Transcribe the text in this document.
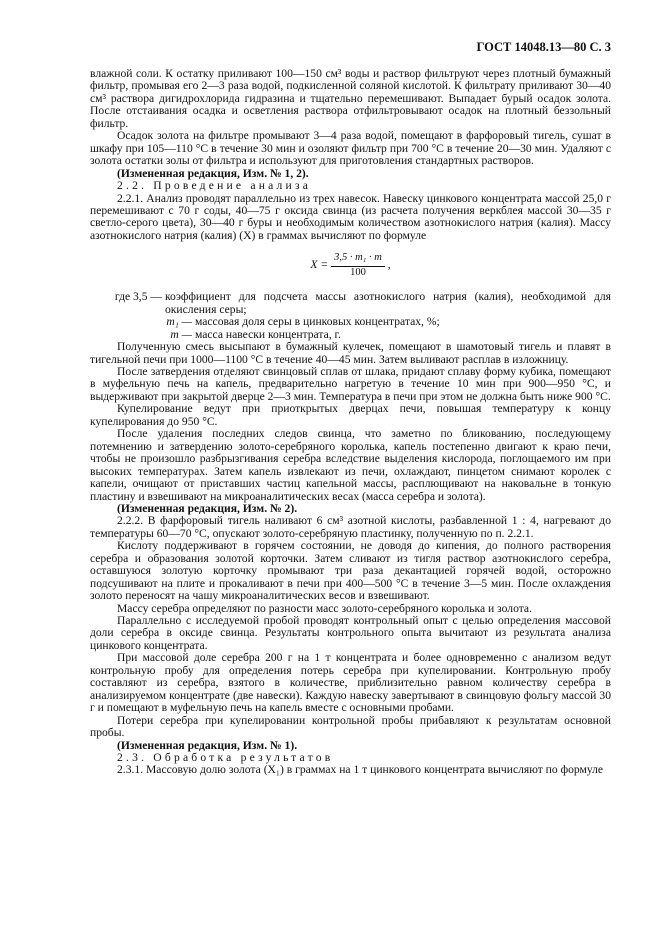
ГОСТ 14048.13—80 С. 3

влажной соли. К остатку приливают 100—150 см³ воды и раствор фильтруют через плотный бумажный фильтр, промывая его 2—3 раза водой, подкисленной соляной кислотой. К фильтрату приливают 30—40 см³ раствора дигидрохлорида гидразина и тщательно перемешивают. Выпадает бурый осадок золота. После отстаивания осадка и осветления раствора отфильтровывают осадок на плотный беззольный фильтр.

Осадок золота на фильтре промывают 3—4 раза водой, помещают в фарфоровый тигель, сушат в шкафу при 105—110 °С в течение 30 мин и озоляют фильтр при 700 °С в течение 20—30 мин. Удаляют с золота остатки золы от фильтра и используют для приготовления стандартных растворов.

(Измененная редакция, Изм. № 1, 2).

2.2. Проведение анализа

2.2.1. Анализ проводят параллельно из трех навесок. Навеску цинкового концентрата массой 25,0 г перемешивают с 70 г соды, 40—75 г оксида свинца (из расчета получения веркблея массой 30—35 г светло-серого цвета), 30—40 г буры и необходимым количеством азотнокислого натрия (калия). Массу азотнокислого натрия (калия) (X) в граммах вычисляют по формуле

$X = \frac{\text{3,5 · m₁ · m}}{100}$ ,
где 3,5 — коэффициент для подсчета массы азотнокислого натрия (калия), необходимой для окисления серы;
m₁ — массовая доля серы в цинковых концентратах, %;
m — масса навески концентрата, г.

Полученную смесь высыпают в бумажный кулечек, помещают в шамотовый тигель и плавят в тигельной печи при 1000—1100 °С в течение 40—45 мин. Затем выливают расплав в изложницу.

После затвердения отделяют свинцовый сплав от шлака, придают сплаву форму кубика, помещают в муфельную печь на капель, предварительно нагретую в течение 10 мин при 900—950 °С, и выдерживают при закрытой дверце 2—3 мин. Температура в печи при этом не должна быть ниже 900 °С.

Купелирование ведут при приоткрытых дверцах печи, повышая температуру к концу купелирования до 950 °С.

После удаления последних следов свинца, что заметно по бликованию, последующему потемнению и затвердению золото-серебряного королька, капель постепенно двигают к краю печи, чтобы не произошло разбрызгивания серебра вследствие выделения кислорода, поглощаемого им при высоких температурах. Затем капель извлекают из печи, охлаждают, пинцетом снимают королек с капели, очищают от приставших частиц капельной массы, расплющивают на наковальне в тонкую пластину и взвешивают на микроаналитических весах (масса серебра и золота).

(Измененная редакция, Изм. № 2).

2.2.2. В фарфоровый тигель наливают 6 см³ азотной кислоты, разбавленной 1 : 4, нагревают до температуры 60—70 °С, опускают золото-серебряную пластинку, полученную по п. 2.2.1.

Кислоту поддерживают в горячем состоянии, не доводя до кипения, до полного растворения серебра и образования золотой корточки. Затем сливают из тигля раствор азотнокислого серебра, оставшуюся золотую корточку промывают три раза декантацией горячей водой, осторожно подсушивают на плите и прокаливают в печи при 400—500 °С в течение 3—5 мин. После охлаждения золото переносят на чашу микроаналитических весов и взвешивают.

Массу серебра определяют по разности масс золото-серебряного королька и золота.

Параллельно с исследуемой пробой проводят контрольный опыт с целью определения массовой доли серебра в оксиде свинца. Результаты контрольного опыта вычитают из результата анализа цинкового концентрата.

При массовой доле серебра 200 г на 1 т концентрата и более одновременно с анализом ведут контрольную пробу для определения потерь серебра при купелировании. Контрольную пробу составляют из серебра, взятого в количестве, приблизительно равном количеству серебра в анализируемом концентрате (две навески). Каждую навеску завертывают в свинцовую фольгу массой 30 г и помещают в муфельную печь на капель вместе с основными пробами.

Потери серебра при купелировании контрольной пробы прибавляют к результатам основной пробы.

(Измененная редакция, Изм. № 1).

2.3. Обработка результатов

2.3.1. Массовую долю золота (X₁) в граммах на 1 т цинкового концентрата вычисляют по формуле
